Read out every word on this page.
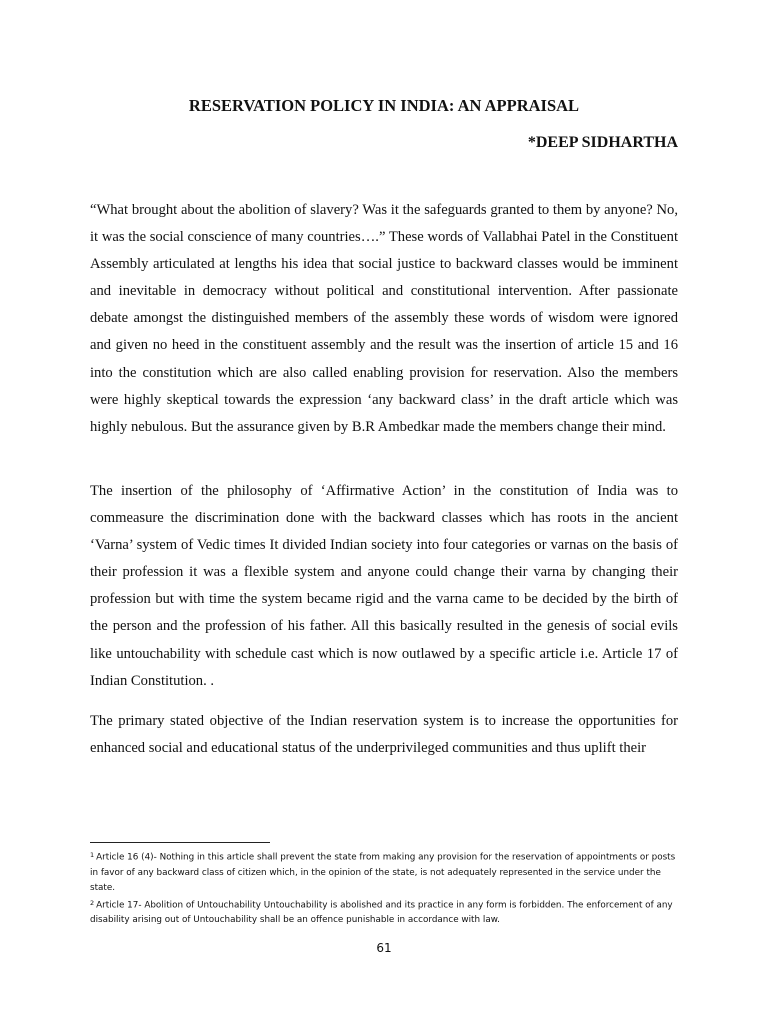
RESERVATION POLICY IN INDIA: AN APPRAISAL
*DEEP SIDHARTHA

“What brought about the abolition of slavery? Was it the safeguards granted to them by anyone? No, it was the social conscience of many countries….” These words of Vallabhai Patel in the Constituent Assembly articulated at lengths his idea that social justice to backward classes would be imminent and inevitable in democracy without political and constitutional intervention. After passionate debate amongst the distinguished members of the assembly these words of wisdom were ignored and given no heed in the constituent assembly and the result was the insertion of article 15 and 16 into the constitution which are also called enabling provision for reservation. Also the members were highly skeptical towards the expression ‘any backward class’ in the draft article which was highly nebulous. But the assurance given by B.R Ambedkar made the members change their mind.

The insertion of the philosophy of ‘Affirmative Action’ in the constitution of India was to commeasure the discrimination done with the backward classes which has roots in the ancient ‘Varna’ system of Vedic times It divided Indian society into four categories or varnas on the basis of their profession it was a flexible system and anyone could change their varna by changing their profession but with time the system became rigid and the varna came to be decided by the birth of the person and the profession of his father. All this basically resulted in the genesis of social evils like untouchability with schedule cast which is now outlawed by a specific article i.e. Article 17 of Indian Constitution. .

The primary stated objective of the Indian reservation system is to increase the opportunities for enhanced social and educational status of the underprivileged communities and thus uplift their

$^1$ Article 16 (4)- Nothing in this article shall prevent the state from making any provision for the reservation of appointments or posts in favor of any backward class of citizen which, in the opinion of the state, is not adequately represented in the service under the state.

$^2$ Article 17- Abolition of Untouchability Untouchability is abolished and its practice in any form is forbidden. The enforcement of any disability arising out of Untouchability shall be an offence punishable in accordance with law.

61
